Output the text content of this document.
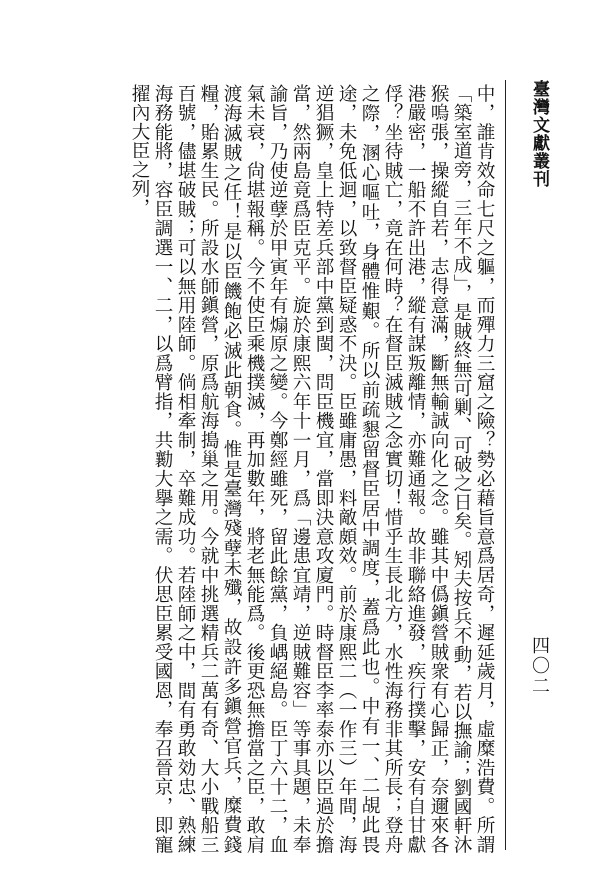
臺灣文獻叢刊
四〇二
中，誰肯效命七尺之軀，而殫力三窟之險？勢必藉旨意爲居奇，遲延歲月，虛糜浩費。所謂「築室道旁，三年不成」，是賊終無可剿、可破之日矣。矧夫按兵不動，若以撫諭；劉國軒沐猴嗚張，操縱自若，志得意滿，斷無輸誠向化之念。雖其中僞鎭營賊衆有心歸正，奈邇來各港嚴密，一船不許出港，縱有謀叛離情，亦難通報。故非聯絡進發，疾行撲擊，安有自甘獻俘？坐待賊亡，竟在何時？在督臣滅賊之念實切！惜乎生長北方，水性海務非其所長；登舟之際，溷心嘔吐，身體惟艱。所以前疏懇留督臣居中調度，蓋爲此也。中有一、二覘此畏途，未免低迴，以致督臣疑惑不決。臣雖庸愚，料敵頗效。前於康熙二（一作三）年間，海逆猖獗，皇上特差兵部中黨到閩，問臣機宜，當即決意攻廈門。時督臣李率泰亦以臣過於擔當，然兩島竟爲臣克平。旋於康熙六年十一月，爲「邊患宜靖，逆賊難容」等事具題，未奉諭旨，乃使逆孽於甲寅年有煽原之變。今鄭經雖死，留此餘黨，負嵎絕島。臣丁六十二，血氣未衰，尙堪報稱。今不使臣乘機撲滅，再加數年，將老無能爲。後更恐無擔當之臣，敢肩渡海滅賊之任！是以臣饑飽必滅此朝食。惟是臺灣殘孽未殲，故設許多鎭營官兵，糜費錢糧，貽累生民。所設水師鎭營，原爲航海搗巢之用。今就中挑選精兵二萬有奇、大小戰船三百號，儘堪破賊；可以無用陸師。倘相牽制，卒難成功。若陸師之中，間有勇敢効忠、熟練海務能將，容臣調選一、二，以爲臂指，共勷大擧之需。伏思臣累受國恩，奉召晉京，即寵擢內大臣之列，
